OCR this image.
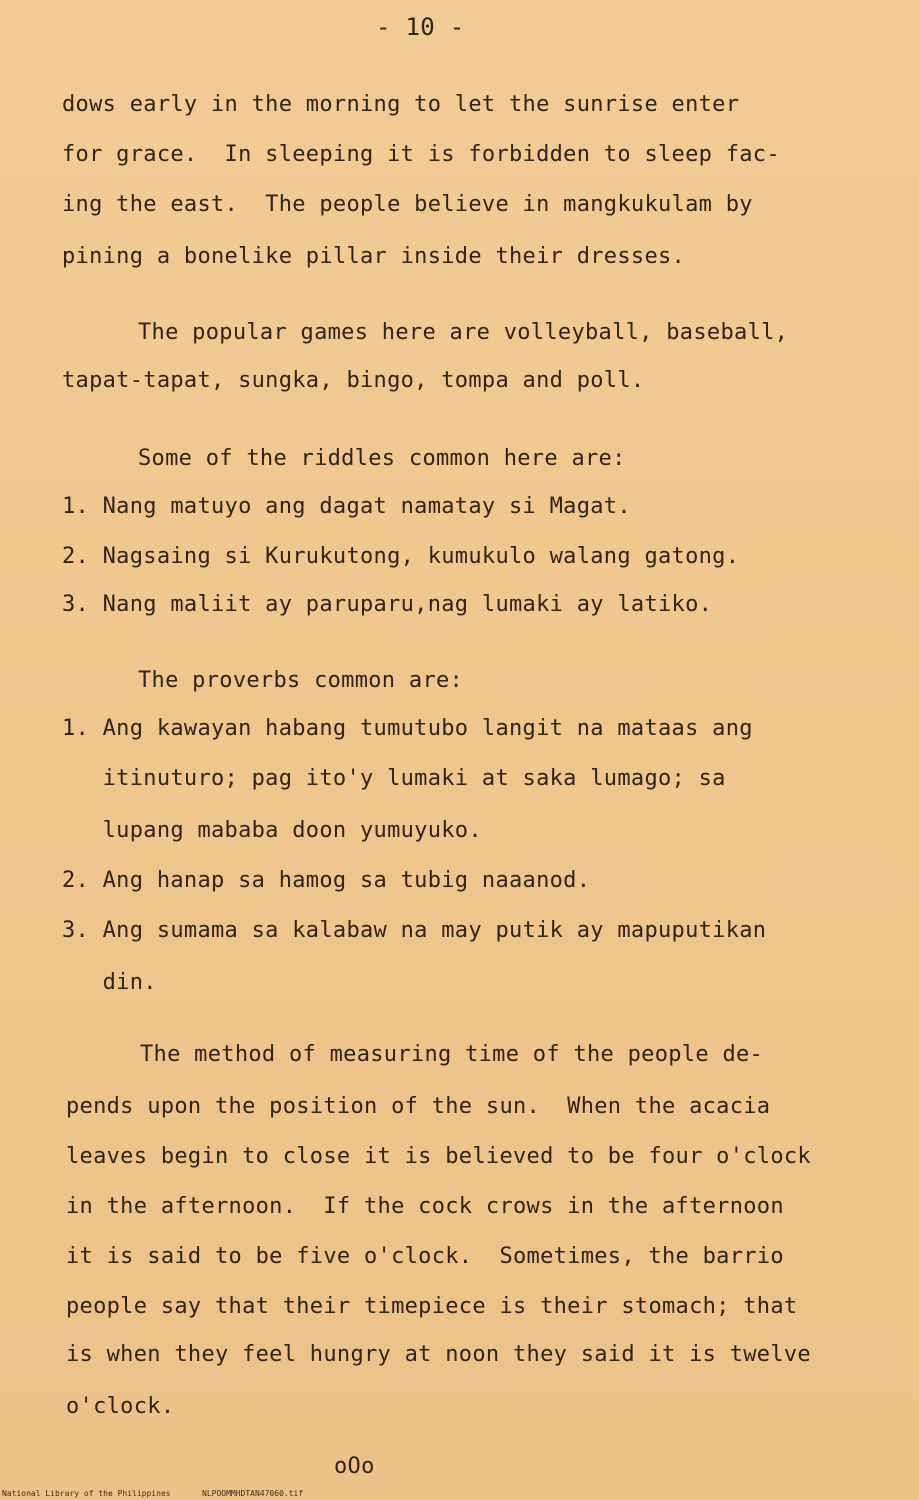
- 10 -
dows early in the morning to let the sunrise enter
for grace.  In sleeping it is forbidden to sleep fac-
ing the east.  The people believe in mangkukulam by
pining a bonelike pillar inside their dresses.
The popular games here are volleyball, baseball,
tapat-tapat, sungka, bingo, tompa and poll.
Some of the riddles common here are:
1. Nang matuyo ang dagat namatay si Magat.
2. Nagsaing si Kurukutong, kumukulo walang gatong.
3. Nang maliit ay paruparu,nag lumaki ay latiko.
The proverbs common are:
1. Ang kawayan habang tumutubo langit na mataas ang
itinuturo; pag ito'y lumaki at saka lumago; sa
lupang mababa doon yumuyuko.
2. Ang hanap sa hamog sa tubig naaanod.
3. Ang sumama sa kalabaw na may putik ay mapuputikan
din.
The method of measuring time of the people de-
pends upon the position of the sun.  When the acacia
leaves begin to close it is believed to be four o'clock
in the afternoon.  If the cock crows in the afternoon
it is said to be five o'clock.  Sometimes, the barrio
people say that their timepiece is their stomach; that
is when they feel hungry at noon they said it is twelve
o'clock.
oOo
National Library of the Philippines	NLPOOMMHDTAN47060.tif
